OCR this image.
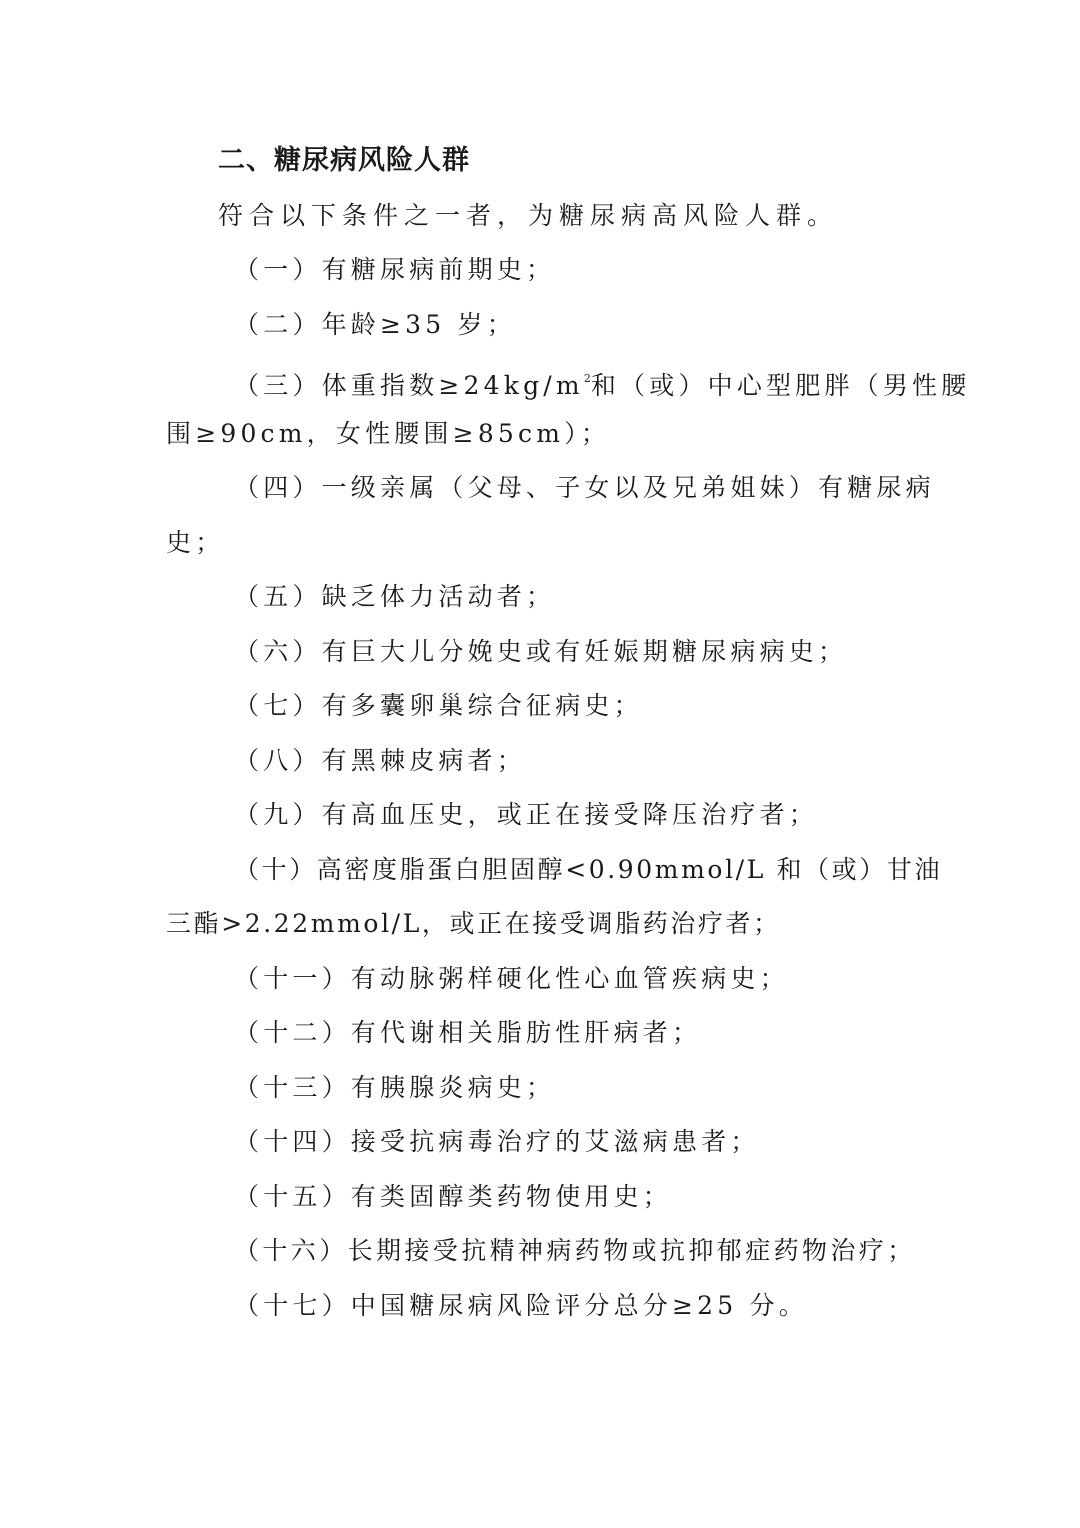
二、糖尿病风险人群
符合以下条件之一者，为糖尿病高风险人群。
（一）有糖尿病前期史；
（二）年龄≥35 岁；
（三）体重指数$\ge 24kg/m^2$和（或）中心型肥胖（男性腰
围≥90cm，女性腰围≥85cm）；
（四）一级亲属（父母、子女以及兄弟姐妹）有糖尿病
史；
（五）缺乏体力活动者；
（六）有巨大儿分娩史或有妊娠期糖尿病病史；
（七）有多囊卵巢综合征病史；
（八）有黑棘皮病者；
（九）有高血压史，或正在接受降压治疗者；
（十）高密度脂蛋白胆固醇<0.90mmol/L 和（或）甘油
三酯>2.22mmol/L，或正在接受调脂药治疗者；
（十一）有动脉粥样硬化性心血管疾病史；
（十二）有代谢相关脂肪性肝病者；
（十三）有胰腺炎病史；
（十四）接受抗病毒治疗的艾滋病患者；
（十五）有类固醇类药物使用史；
（十六）长期接受抗精神病药物或抗抑郁症药物治疗；
（十七）中国糖尿病风险评分总分≥25 分。
